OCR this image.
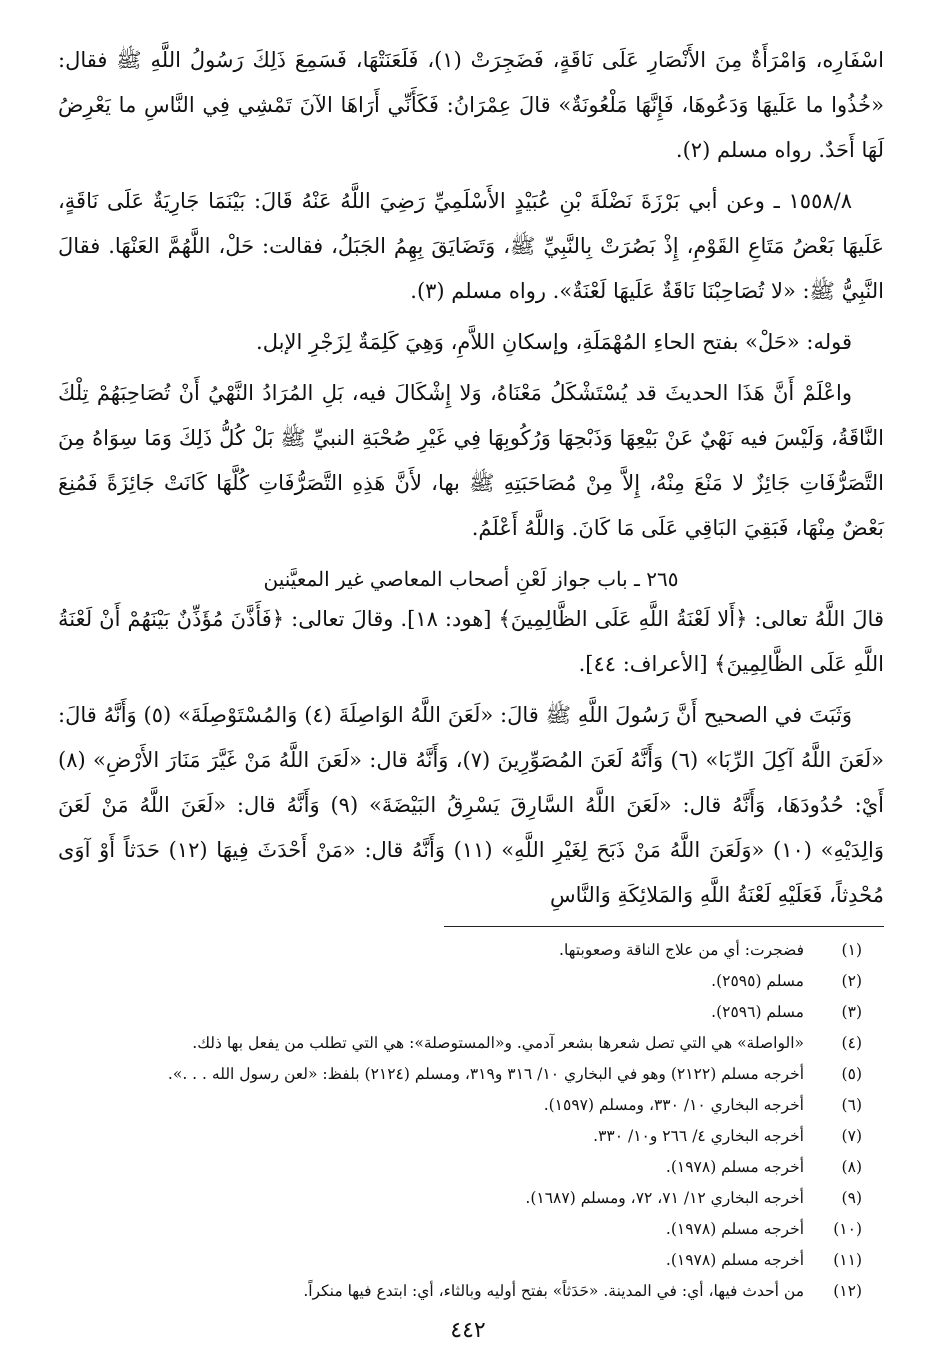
اسْفَارِه، وَامْرَأَةٌ مِنَ الأَنْصَارِ عَلَى نَاقَةٍ، فَضَجِرَتْ (١)، فَلَعَنَتْهَا، فَسَمِعَ ذَلِكَ رَسُولُ اللَّهِ ﷺ فقال: «خُذُوا ما عَلَيهَا وَدَعُوهَا، فَإِنَّهَا مَلْعُونَةٌ» قالَ عِمْرَانُ: فَكَأَنِّي أَرَاهَا الآنَ تَمْشِي فِي النَّاسِ ما يَعْرِضُ لَهَا أَحَدٌ. رواه مسلم (٢).

١٥٥٨/٨ ـ وعن أبي بَرْزَةَ نَضْلَةَ بْنِ عُبَيْدٍ الأَسْلَمِيِّ رَضِيَ اللَّهُ عَنْهُ قَالَ: بَيْنَمَا جَارِيَةٌ عَلَى نَاقَةٍ، عَلَيهَا بَعْضُ مَتَاعِ القَوْمِ، إِذْ بَصُرَتْ بِالنَّبِيِّ ﷺ، وَتَضَايَقَ بِهِمُ الجَبَلُ، فقالت: حَلْ، اللَّهُمَّ العَنْهَا. فقالَ النَّبِيُّ ﷺ: «لا تُصَاحِبْنَا نَاقَةٌ عَلَيهَا لَعْنَةٌ». رواه مسلم (٣).

قوله: «حَلْ» بفتح الحاءِ المُهْمَلَةِ، وإسكانِ اللاَّمِ، وَهِيَ كَلِمَةٌ لِزَجْرِ الإبل.

واعْلَمْ أَنَّ هَذَا الحديثَ قد يُسْتَشْكَلُ مَعْنَاهُ، وَلا إِشْكَالَ فيه، بَلِ المُرَادُ النَّهْيُ أَنْ تُصَاحِبَهُمْ تِلْكَ النَّاقَةُ، وَلَيْسَ فيه نَهْيٌ عَنْ بَيْعِهَا وَذَبْحِهَا وَرُكُوبِهَا فِي غَيْرِ صُحْبَةِ النبيِّ ﷺ بَلْ كُلُّ ذَلِكَ وَمَا سِوَاهُ مِنَ التَّصَرُّفَاتِ جَائِزٌ لا مَنْعَ مِنْهُ، إِلاَّ مِنْ مُصَاحَبَتِهِ ﷺ بها، لأَنَّ هَذِهِ التَّصَرُّفَاتِ كُلَّهَا كَانَتْ جَائِزَةً فَمُنِعَ بَعْضٌ مِنْهَا، فَبَقِيَ البَاقِي عَلَى مَا كَانَ. وَاللَّهُ أَعْلَمُ.

٢٦٥ ـ باب جواز لَعْنِ أصحاب المعاصي غير المعيَّنين

قالَ اللَّهُ تعالى: ﴿أَلا لَعْنَةُ اللَّهِ عَلَى الظَّالِمِينَ﴾ [هود: ١٨]. وقالَ تعالى: ﴿فَأَذَّنَ مُؤَذِّنٌ بَيْنَهُمْ أَنْ لَعْنَةُ اللَّهِ عَلَى الظَّالِمِينَ﴾ [الأعراف: ٤٤].

وَثَبَتَ في الصحيح أَنَّ رَسُولَ اللَّهِ ﷺ قالَ: «لَعَنَ اللَّهُ الوَاصِلَةَ (٤) وَالمُسْتَوْصِلَةَ» (٥) وَأَنَّهُ قالَ: «لَعَنَ اللَّهُ آكِلَ الرِّبَا» (٦) وَأَنَّهُ لَعَنَ المُصَوِّرِينَ (٧)، وَأَنَّهُ قال: «لَعَنَ اللَّهُ مَنْ غَيَّرَ مَنَارَ الأَرْضِ» (٨) أَيْ: حُدُودَهَا، وَأَنَّهُ قال: «لَعَنَ اللَّهُ السَّارِقَ يَسْرِقُ البَيْضَةَ» (٩) وَأَنَّهُ قال: «لَعَنَ اللَّهُ مَنْ لَعَنَ وَالِدَيْهِ» (١٠) «وَلَعَنَ اللَّهُ مَنْ ذَبَحَ لِغَيْرِ اللَّهِ» (١١) وَأَنَّهُ قال: «مَنْ أَحْدَثَ فِيهَا (١٢) حَدَثاً أَوْ آوَى مُحْدِثاً، فَعَلَيْهِ لَعْنَةُ اللَّهِ وَالمَلائِكَةِ وَالنَّاسِ

(١)
فضجرت: أي من علاج الناقة وصعوبتها.
(٢)
مسلم (٢٥٩٥).
(٣)
مسلم (٢٥٩٦).
(٤)
«الواصلة» هي التي تصل شعرها بشعر آدمي. و«المستوصلة»: هي التي تطلب من يفعل بها ذلك.
(٥)
أخرجه مسلم (٢١٢٢) وهو في البخاري ١٠/ ٣١٦ و٣١٩، ومسلم (٢١٢٤) بلفظ: «لعن رسول الله . . .».
(٦)
أخرجه البخاري ١٠/ ٣٣٠، ومسلم (١٥٩٧).
(٧)
أخرجه البخاري ٤/ ٢٦٦ و١٠/ ٣٣٠.
(٨)
أخرجه مسلم (١٩٧٨).
(٩)
أخرجه البخاري ١٢/ ٧١، ٧٢، ومسلم (١٦٨٧).
(١٠)
أخرجه مسلم (١٩٧٨).
(١١)
أخرجه مسلم (١٩٧٨).
(١٢)
من أحدث فيها، أي: في المدينة. «حَدَثاً» بفتح أوليه وبالثاء، أي: ابتدع فيها منكراً.
٤٤٢
